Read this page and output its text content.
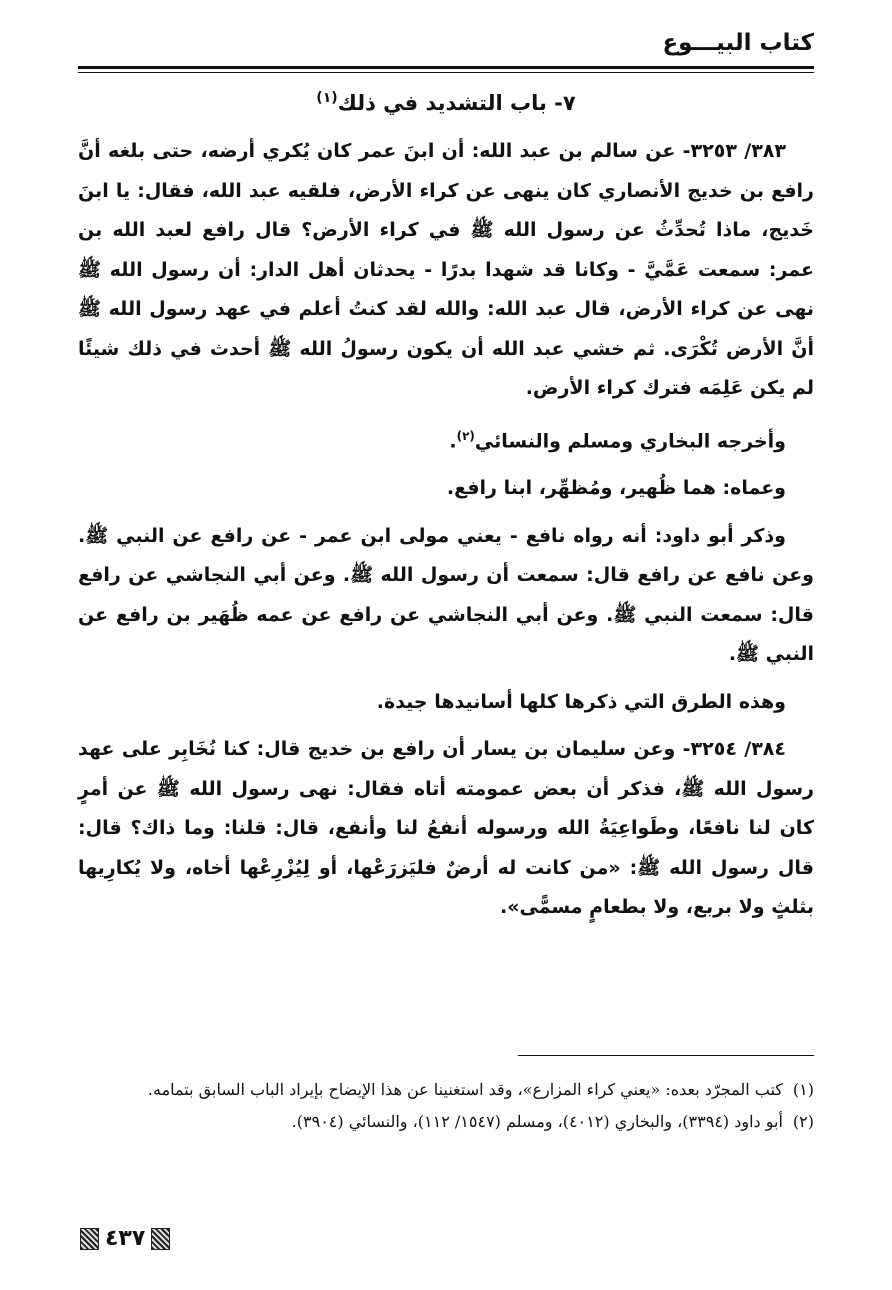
كتاب البيـــوع
٧- باب التشديد في ذلك$^{(١)}$

٣٨٣/ ٣٢٥٣- عن سالم بن عبد الله: أن ابنَ عمر كان يُكري أرضه، حتى بلغه أنَّ رافع بن خديج الأنصاري كان ينهى عن كراء الأرض، فلقيه عبد الله، فقال: يا ابنَ خَديج، ماذا تُحدِّثُ عن رسول الله ﷺ في كراء الأرض؟ قال رافع لعبد الله بن عمر: سمعت عَمَّيَّ - وكانا قد شهدا بدرًا - يحدثان أهل الدار: أن رسول الله ﷺ نهى عن كراء الأرض، قال عبد الله: والله لقد كنتُ أعلم في عهد رسول الله ﷺ أنَّ الأرض تُكْرَى. ثم خشي عبد الله أن يكون رسولُ الله ﷺ أحدث في ذلك شيئًا لم يكن عَلِمَه فترك كراء الأرض.

وأخرجه البخاري ومسلم والنسائي$^{(٢)}$.

وعماه: هما ظُهير، ومُظهِّر، ابنا رافع.

وذكر أبو داود: أنه رواه نافع - يعني مولى ابن عمر - عن رافع عن النبي ﷺ. وعن نافع عن رافع قال: سمعت أن رسول الله ﷺ. وعن أبي النجاشي عن رافع قال: سمعت النبي ﷺ. وعن أبي النجاشي عن رافع عن عمه ظُهَير بن رافع عن النبي ﷺ.

وهذه الطرق التي ذكرها كلها أسانيدها جيدة.

٣٨٤/ ٣٢٥٤- وعن سليمان بن يسار أن رافع بن خديج قال: كنا نُخَابِر على عهد رسول الله ﷺ، فذكر أن بعض عمومته أتاه فقال: نهى رسول الله ﷺ عن أمرٍ كان لنا نافعًا، وطَواعِيَةُ الله ورسوله أنفعُ لنا وأنفع، قال: قلنا: وما ذاك؟ قال: قال رسول الله ﷺ: «من كانت له أرضٌ فليَزرَعْها، أو لِيُزْرِعْها أخاه، ولا يُكارِيها بثلثٍ ولا بربع، ولا بطعامٍ مسمًّى».

(١)كتب المجرّد بعده: «يعني كراء المزارع»، وقد استغنينا عن هذا الإيضاح بإيراد الباب السابق بتمامه.

(٢)أبو داود (٣٣٩٤)، والبخاري (٤٠١٢)، ومسلم (١٥٤٧/ ١١٢)، والنسائي (٣٩٠٤).

٤٣٧
